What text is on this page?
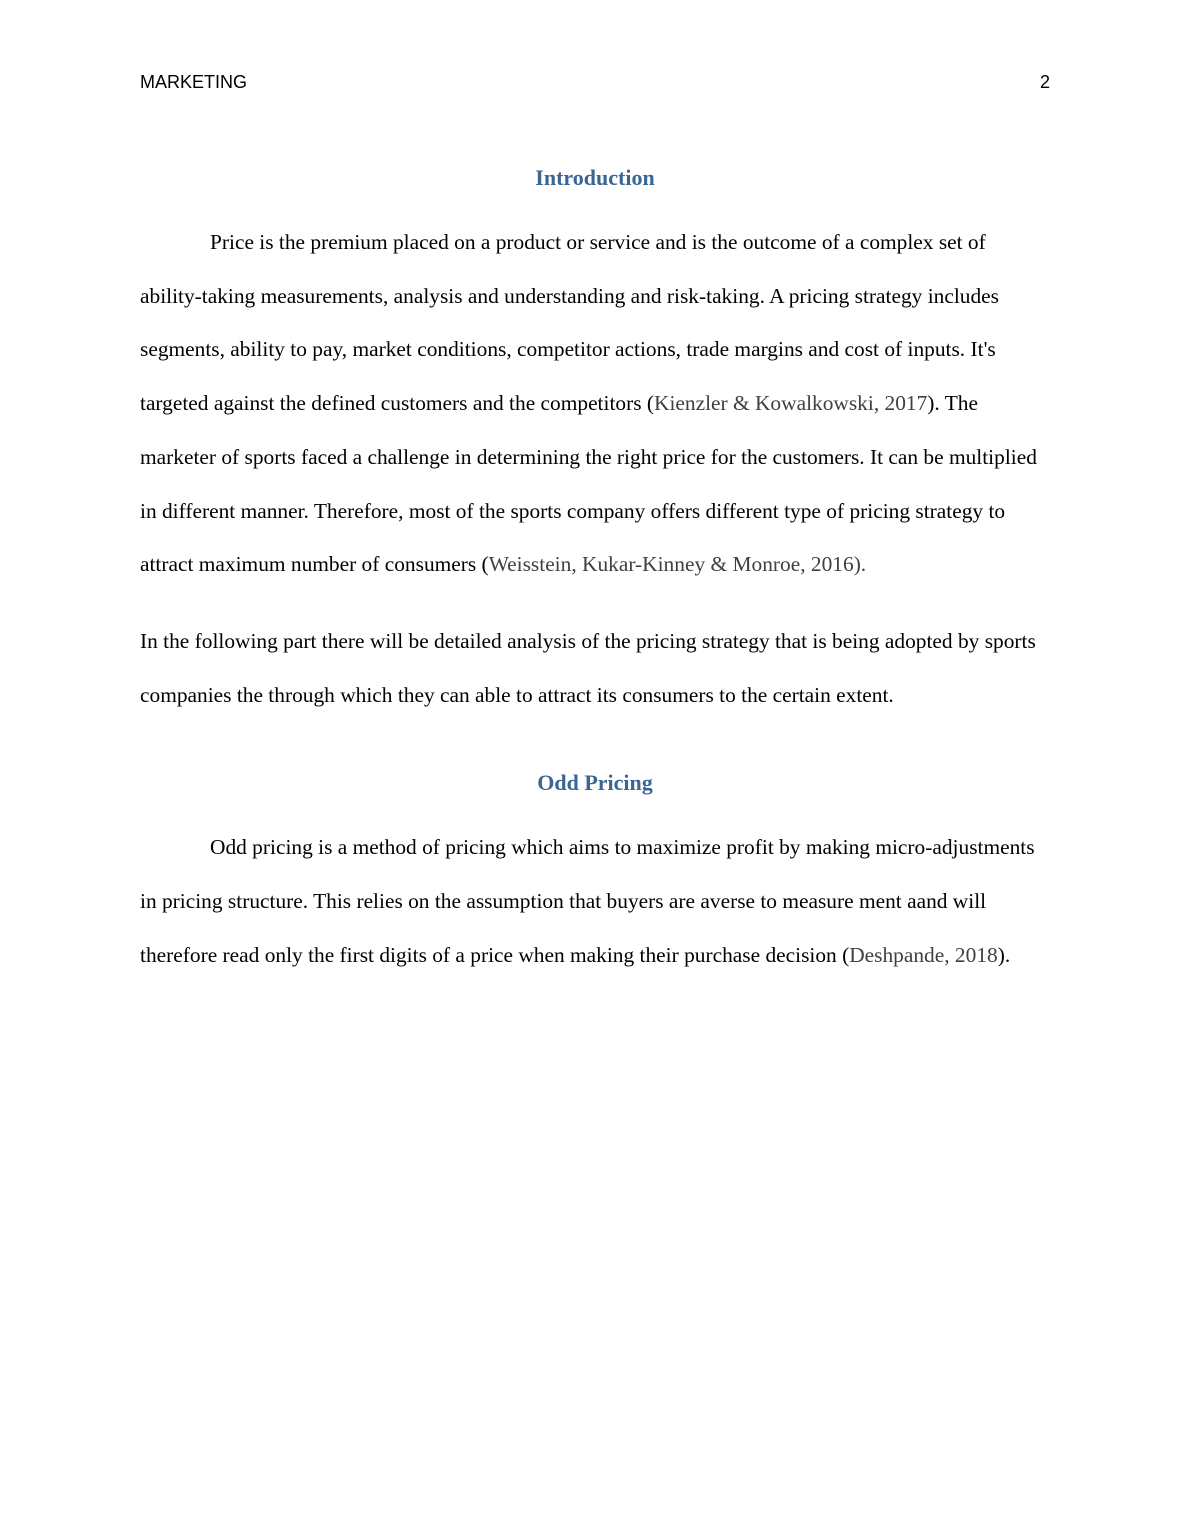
MARKETING	2
Introduction

Price is the premium placed on a product or service and is the outcome of a complex set of ability-taking measurements, analysis and understanding and risk-taking. A pricing strategy includes segments, ability to pay, market conditions, competitor actions, trade margins and cost of inputs. It's targeted against the defined customers and the competitors (Kienzler & Kowalkowski, 2017). The marketer of sports faced a challenge in determining the right price for the customers. It can be multiplied in different manner. Therefore, most of the sports company offers different type of pricing strategy to attract maximum number of consumers (Weisstein, Kukar-Kinney & Monroe, 2016).

In the following part there will be detailed analysis of the pricing strategy that is being adopted by sports companies the through which they can able to attract its consumers to the certain extent.

Odd Pricing

Odd pricing is a method of pricing which aims to maximize profit by making micro-adjustments in pricing structure. This relies on the assumption that buyers are averse to measure ment aand will therefore read only the first digits of a price when making their purchase decision (Deshpande, 2018).
